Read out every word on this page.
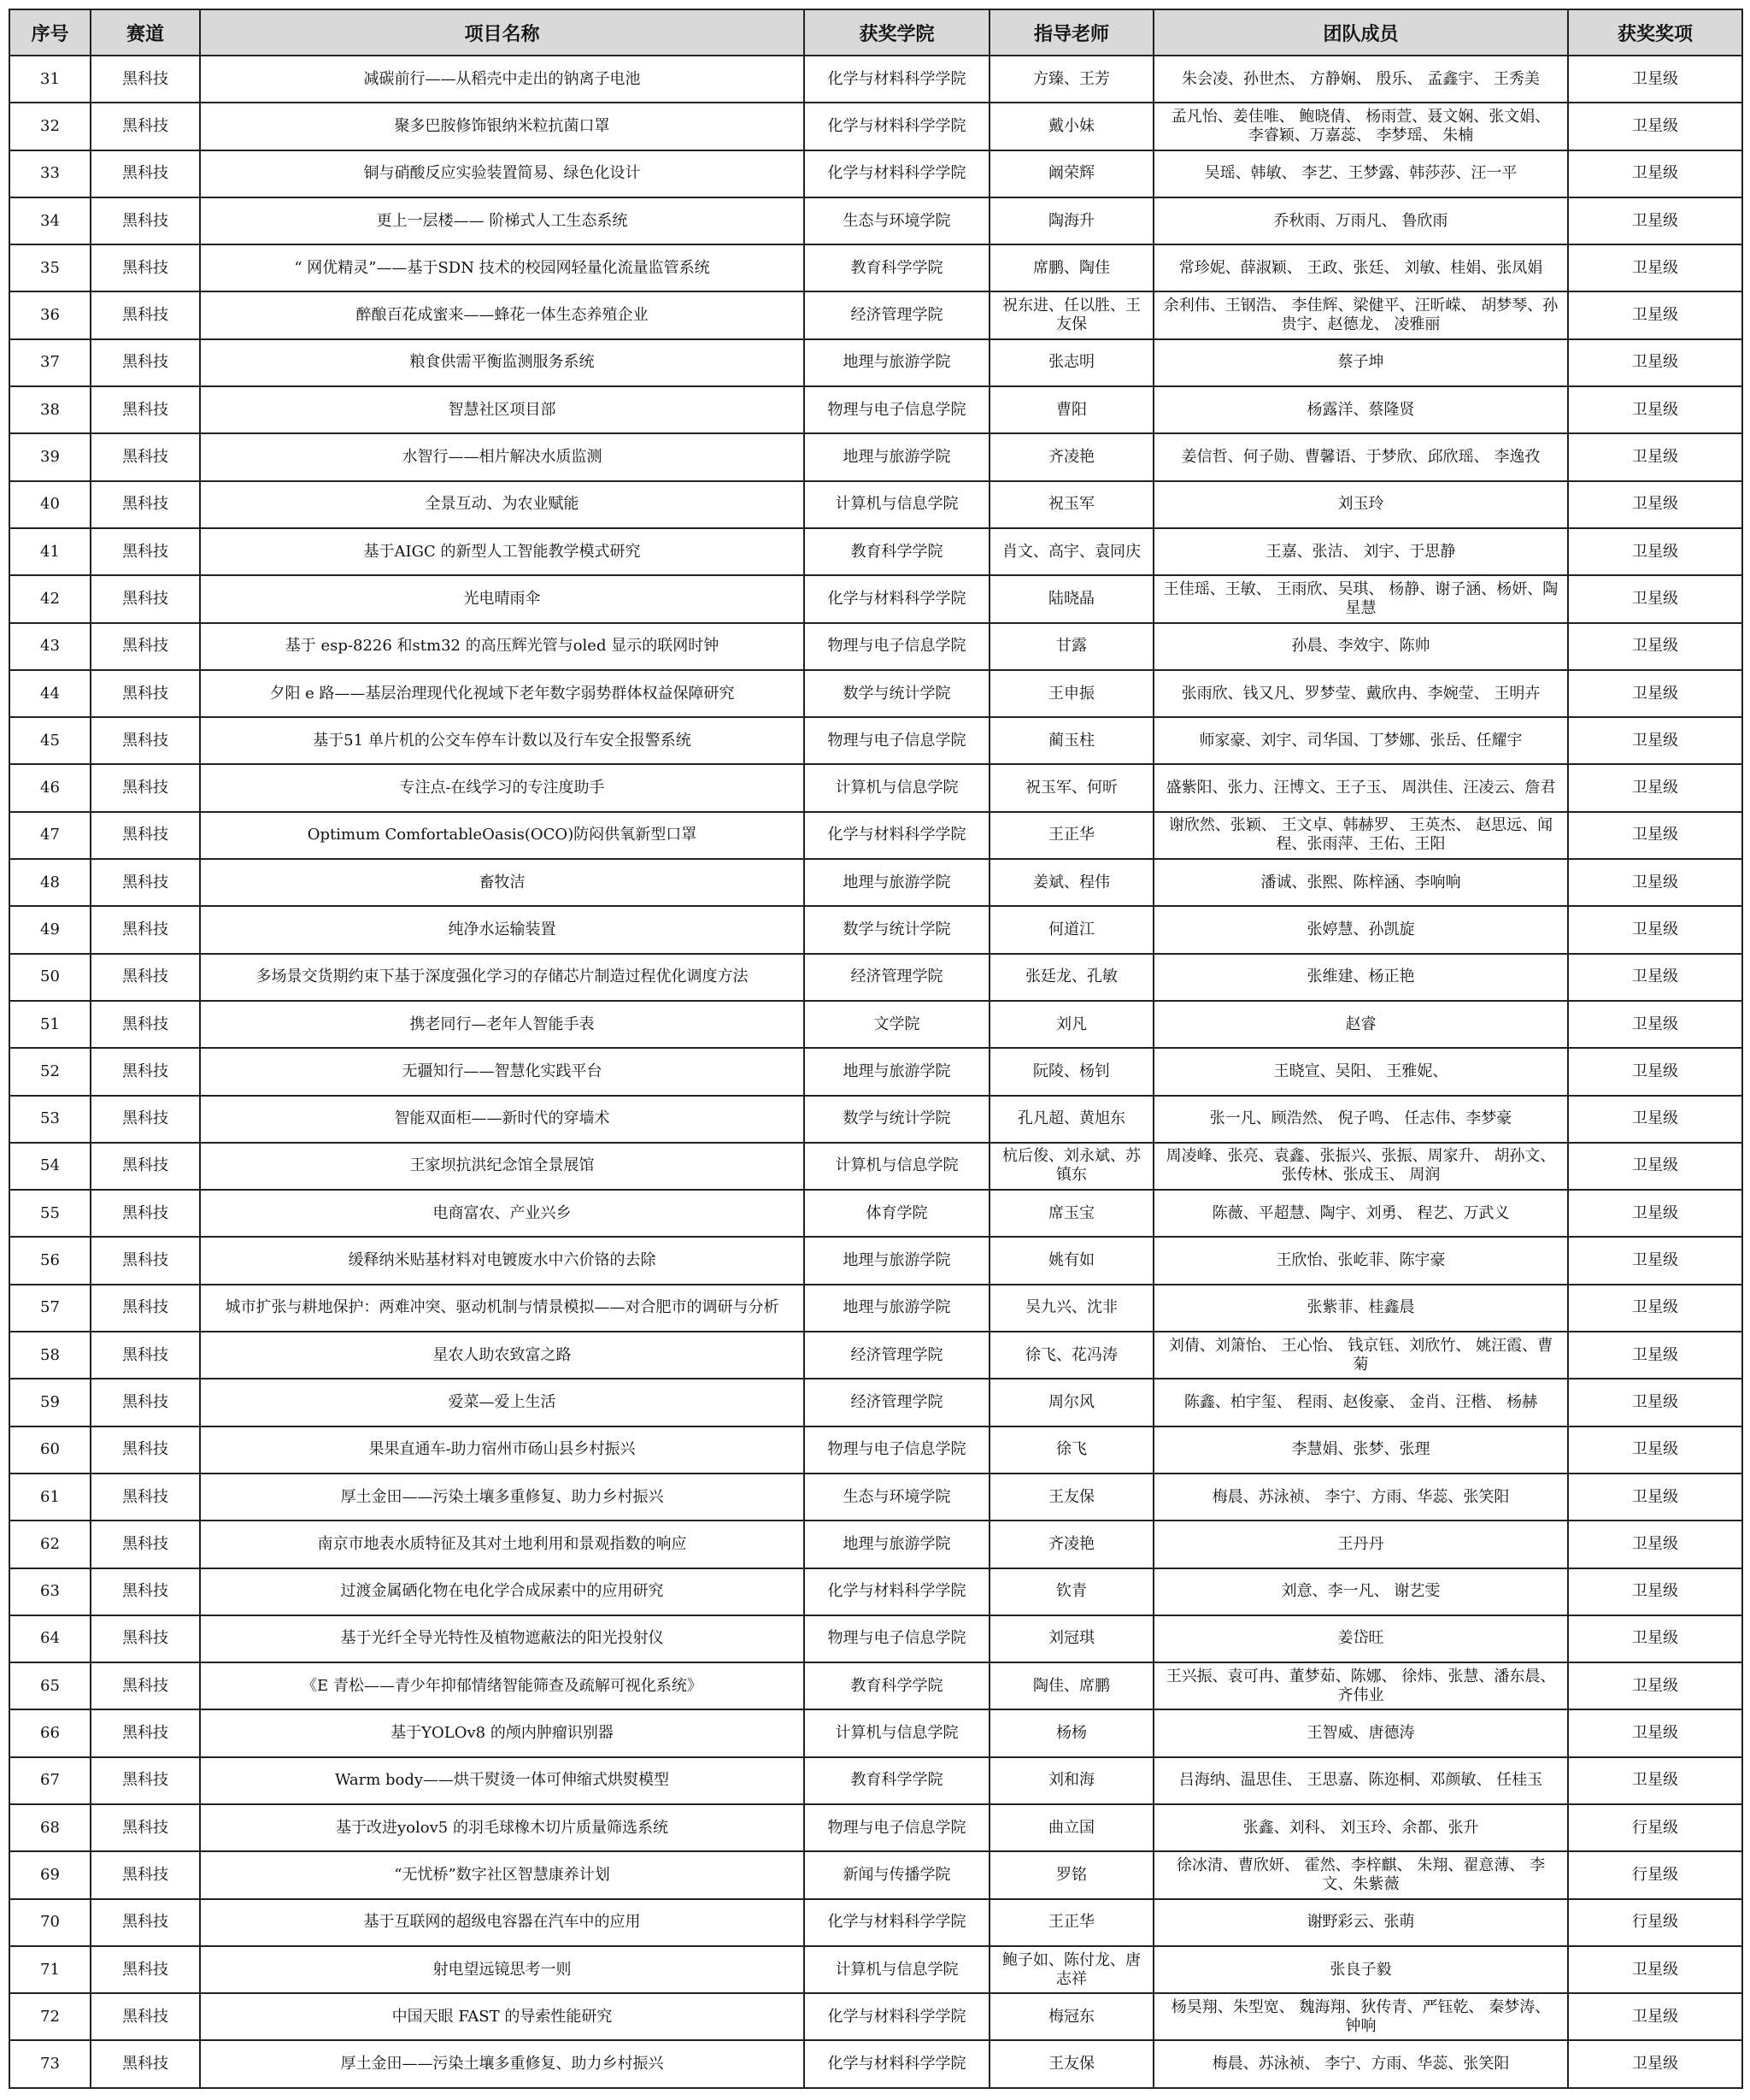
序号	赛道	项目名称	获奖学院	指导老师	团队成员	获奖奖项
31	黑科技	减碳前行——从稻壳中走出的钠离子电池	化学与材料科学学院	方臻、王芳	朱会凌、孙世杰、 方静娴、 殷乐、 孟鑫宇、 王秀美	卫星级
32	黑科技	聚多巴胺修饰银纳米粒抗菌口罩	化学与材料科学学院	戴小妹	孟凡怡、姜佳唯、 鲍晓倩、 杨雨萱、聂文娴、张文娟、 李睿颖、万嘉蕊、 李梦瑶、 朱楠	卫星级
33	黑科技	铜与硝酸反应实验装置简易、绿色化设计	化学与材料科学学院	阚荣辉	吴瑶、韩敏、 李艺、王梦露、韩莎莎、汪一平	卫星级
34	黑科技	更上一层楼—— 阶梯式人工生态系统	生态与环境学院	陶海升	乔秋雨、万雨凡、 鲁欣雨	卫星级
35	黑科技	“ 网优精灵”——基于SDN 技术的校园网轻量化流量监管系统	教育科学学院	席鹏、陶佳	常珍妮、薛淑颖、 王政、张廷、 刘敏、桂娟、张凤娟	卫星级
36	黑科技	醉酿百花成蜜来——蜂花一体生态养殖企业	经济管理学院	祝东进、任以胜、王友保	余利伟、王钢浩、 李佳辉、梁健平、汪昕嵘、 胡梦琴、孙贵宇、赵德龙、 凌雅丽	卫星级
37	黑科技	粮食供需平衡监测服务系统	地理与旅游学院	张志明	蔡子坤	卫星级
38	黑科技	智慧社区项目部	物理与电子信息学院	曹阳	杨露洋、蔡隆贤	卫星级
39	黑科技	水智行——相片解决水质监测	地理与旅游学院	齐凌艳	姜信哲、何子勋、曹馨语、于梦欣、邱欣瑶、 李逸孜	卫星级
40	黑科技	全景互动、为农业赋能	计算机与信息学院	祝玉军	刘玉玲	卫星级
41	黑科技	基于AIGC 的新型人工智能教学模式研究	教育科学学院	肖文、高宇、袁同庆	王嘉、张洁、 刘宇、于思静	卫星级
42	黑科技	光电晴雨伞	化学与材料科学学院	陆晓晶	王佳瑶、王敏、 王雨欣、吴琪、 杨静、谢子涵、杨妍、陶星慧	卫星级
43	黑科技	基于 esp-8226 和stm32 的高压辉光管与oled 显示的联网时钟	物理与电子信息学院	甘露	孙晨、李效宇、陈帅	卫星级
44	黑科技	夕阳 e 路——基层治理现代化视域下老年数字弱势群体权益保障研究	数学与统计学院	王申振	张雨欣、钱又凡、罗梦莹、戴欣冉、李婉莹、 王明卉	卫星级
45	黑科技	基于51 单片机的公交车停车计数以及行车安全报警系统	物理与电子信息学院	蔺玉柱	师家豪、刘宇、司华国、丁梦娜、张岳、任耀宇	卫星级
46	黑科技	专注点-在线学习的专注度助手	计算机与信息学院	祝玉军、何昕	盛紫阳、张力、汪博文、王子玉、 周洪佳、汪凌云、詹君	卫星级
47	黑科技	Optimum ComfortableOasis(OCO)防闷供氧新型口罩	化学与材料科学学院	王正华	谢欣然、张颖、 王文卓、韩赫罗、 王英杰、 赵思远、闻程、张雨萍、王佑、王阳	卫星级
48	黑科技	畜牧洁	地理与旅游学院	姜斌、程伟	潘诚、张熙、陈梓涵、李响响	卫星级
49	黑科技	纯净水运输装置	数学与统计学院	何道江	张婷慧、孙凯旋	卫星级
50	黑科技	多场景交货期约束下基于深度强化学习的存储芯片制造过程优化调度方法	经济管理学院	张廷龙、孔敏	张维建、杨正艳	卫星级
51	黑科技	携老同行—老年人智能手表	文学院	刘凡	赵睿	卫星级
52	黑科技	无疆知行——智慧化实践平台	地理与旅游学院	阮陵、杨钊	王晓宣、吴阳、 王雅妮、	卫星级
53	黑科技	智能双面柜——新时代的穿墙术	数学与统计学院	孔凡超、黄旭东	张一凡、顾浩然、 倪子鸣、 任志伟、李梦豪	卫星级
54	黑科技	王家坝抗洪纪念馆全景展馆	计算机与信息学院	杭后俊、刘永斌、苏镇东	周凌峰、张亮、袁鑫、张振兴、张振、周家升、 胡孙文、张传林、张成玉、 周润	卫星级
55	黑科技	电商富农、产业兴乡	体育学院	席玉宝	陈薇、平超慧、陶宇、刘勇、 程艺、万武义	卫星级
56	黑科技	缓释纳米贴基材料对电镀废水中六价铬的去除	地理与旅游学院	姚有如	王欣怡、张屹菲、陈宇豪	卫星级
57	黑科技	城市扩张与耕地保护：两难冲突、驱动机制与情景模拟——对合肥市的调研与分析	地理与旅游学院	吴九兴、沈非	张紫菲、桂鑫晨	卫星级
58	黑科技	星农人助农致富之路	经济管理学院	徐飞、花冯涛	刘倩、刘箫怡、 王心怡、 钱京钰、刘欣竹、 姚汪霞、曹菊	卫星级
59	黑科技	爱菜—爱上生活	经济管理学院	周尔风	陈鑫、柏宇玺、 程雨、赵俊豪、 金肖、汪楷、 杨赫	卫星级
60	黑科技	果果直通车-助力宿州市砀山县乡村振兴	物理与电子信息学院	徐飞	李慧娟、张梦、张理	卫星级
61	黑科技	厚土金田——污染土壤多重修复、助力乡村振兴	生态与环境学院	王友保	梅晨、苏泳祯、 李宁、方雨、华蕊、张笑阳	卫星级
62	黑科技	南京市地表水质特征及其对土地利用和景观指数的响应	地理与旅游学院	齐凌艳	王丹丹	卫星级
63	黑科技	过渡金属硒化物在电化学合成尿素中的应用研究	化学与材料科学学院	钦青	刘意、李一凡、 谢艺雯	卫星级
64	黑科技	基于光纤全导光特性及植物遮蔽法的阳光投射仪	物理与电子信息学院	刘冠琪	姜岱旺	卫星级
65	黑科技	《E 青松——青少年抑郁情绪智能筛查及疏解可视化系统》	教育科学学院	陶佳、席鹏	王兴振、袁可冉、董梦茹、陈娜、 徐炜、张慧、潘东晨、齐伟业	卫星级
66	黑科技	基于YOLOv8 的颅内肿瘤识别器	计算机与信息学院	杨杨	王智威、唐德涛	卫星级
67	黑科技	Warm body——烘干熨烫一体可伸缩式烘熨模型	教育科学学院	刘和海	吕海纳、温思佳、 王思嘉、陈迩桐、邓颜敏、 任桂玉	卫星级
68	黑科技	基于改进yolov5 的羽毛球橡木切片质量筛选系统	物理与电子信息学院	曲立国	张鑫、刘科、 刘玉玲、余都、张升	行星级
69	黑科技	“无忧桥”数字社区智慧康养计划	新闻与传播学院	罗铭	徐冰清、曹欣妍、 霍然、李梓麒、 朱翔、翟意薄、 李文、朱紫薇	行星级
70	黑科技	基于互联网的超级电容器在汽车中的应用	化学与材料科学学院	王正华	谢野彩云、张萌	行星级
71	黑科技	射电望远镜思考一则	计算机与信息学院	鲍子如、陈付龙、唐志祥	张良子毅	卫星级
72	黑科技	中国天眼 FAST 的导索性能研究	化学与材料科学学院	梅冠东	杨昊翔、朱型宽、 魏海翔、狄传青、严钰乾、 秦梦涛、 钟响	卫星级
73	黑科技	厚土金田——污染土壤多重修复、助力乡村振兴	化学与材料科学学院	王友保	梅晨、苏泳祯、 李宁、方雨、华蕊、张笑阳	卫星级
